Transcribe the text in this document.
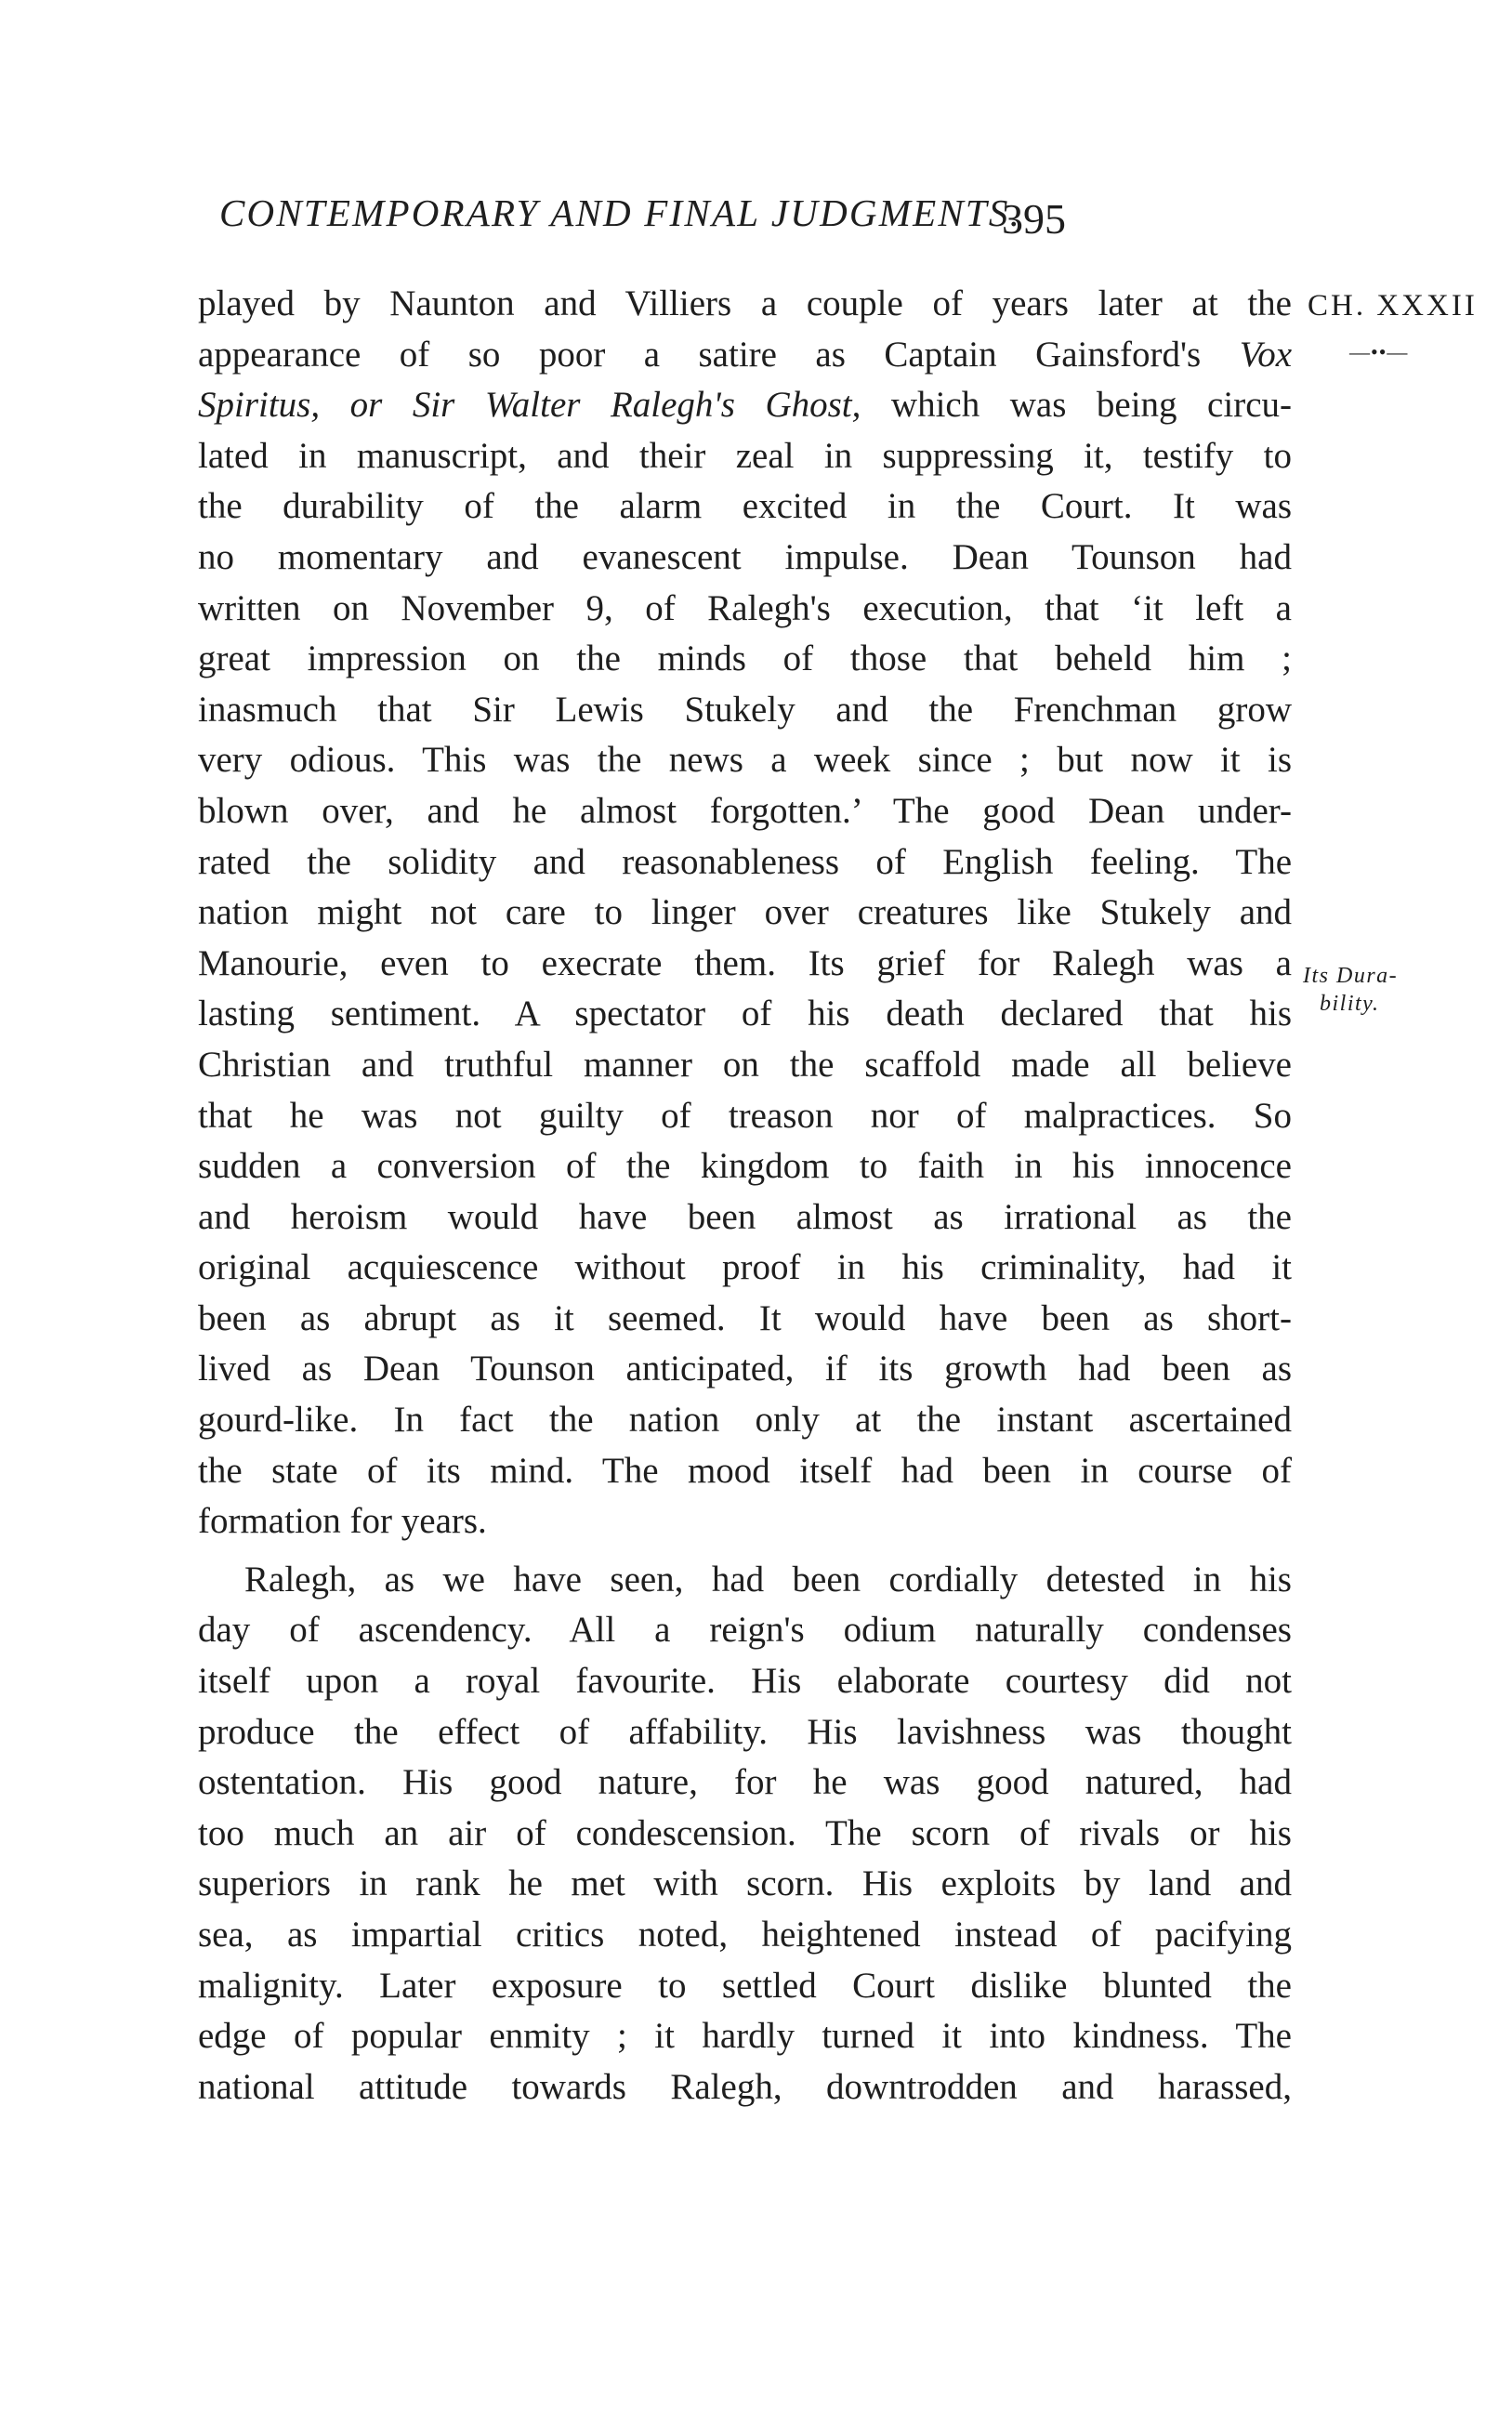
CONTEMPORARY AND FINAL JUDGMENTS.
395
CH. XXXII
—••—
Its Dura-
bility.
played by Naunton and Villiers a couple of years later at the
appearance of so poor a satire as Captain Gainsford's Vox
Spiritus, or Sir Walter Ralegh's Ghost, which was being circu-
lated in manuscript, and their zeal in suppressing it, testify to
the durability of the alarm excited in the Court. It was
no momentary and evanescent impulse. Dean Tounson had
written on November 9, of Ralegh's execution, that ‘it left a
great impression on the minds of those that beheld him ;
inasmuch that Sir Lewis Stukely and the Frenchman grow
very odious. This was the news a week since ; but now it is
blown over, and he almost forgotten.’ The good Dean under-
rated the solidity and reasonableness of English feeling. The
nation might not care to linger over creatures like Stukely and
Manourie, even to execrate them. Its grief for Ralegh was a
lasting sentiment. A spectator of his death declared that his
Christian and truthful manner on the scaffold made all believe
that he was not guilty of treason nor of malpractices. So
sudden a conversion of the kingdom to faith in his innocence
and heroism would have been almost as irrational as the
original acquiescence without proof in his criminality, had it
been as abrupt as it seemed. It would have been as short-
lived as Dean Tounson anticipated, if its growth had been as
gourd-like. In fact the nation only at the instant ascertained
the state of its mind. The mood itself had been in course of
formation for years.
Ralegh, as we have seen, had been cordially detested in his
day of ascendency. All a reign's odium naturally condenses
itself upon a royal favourite. His elaborate courtesy did not
produce the effect of affability. His lavishness was thought
ostentation. His good nature, for he was good natured, had
too much an air of condescension. The scorn of rivals or his
superiors in rank he met with scorn. His exploits by land and
sea, as impartial critics noted, heightened instead of pacifying
malignity. Later exposure to settled Court dislike blunted the
edge of popular enmity ; it hardly turned it into kindness. The
national attitude towards Ralegh, downtrodden and harassed,
